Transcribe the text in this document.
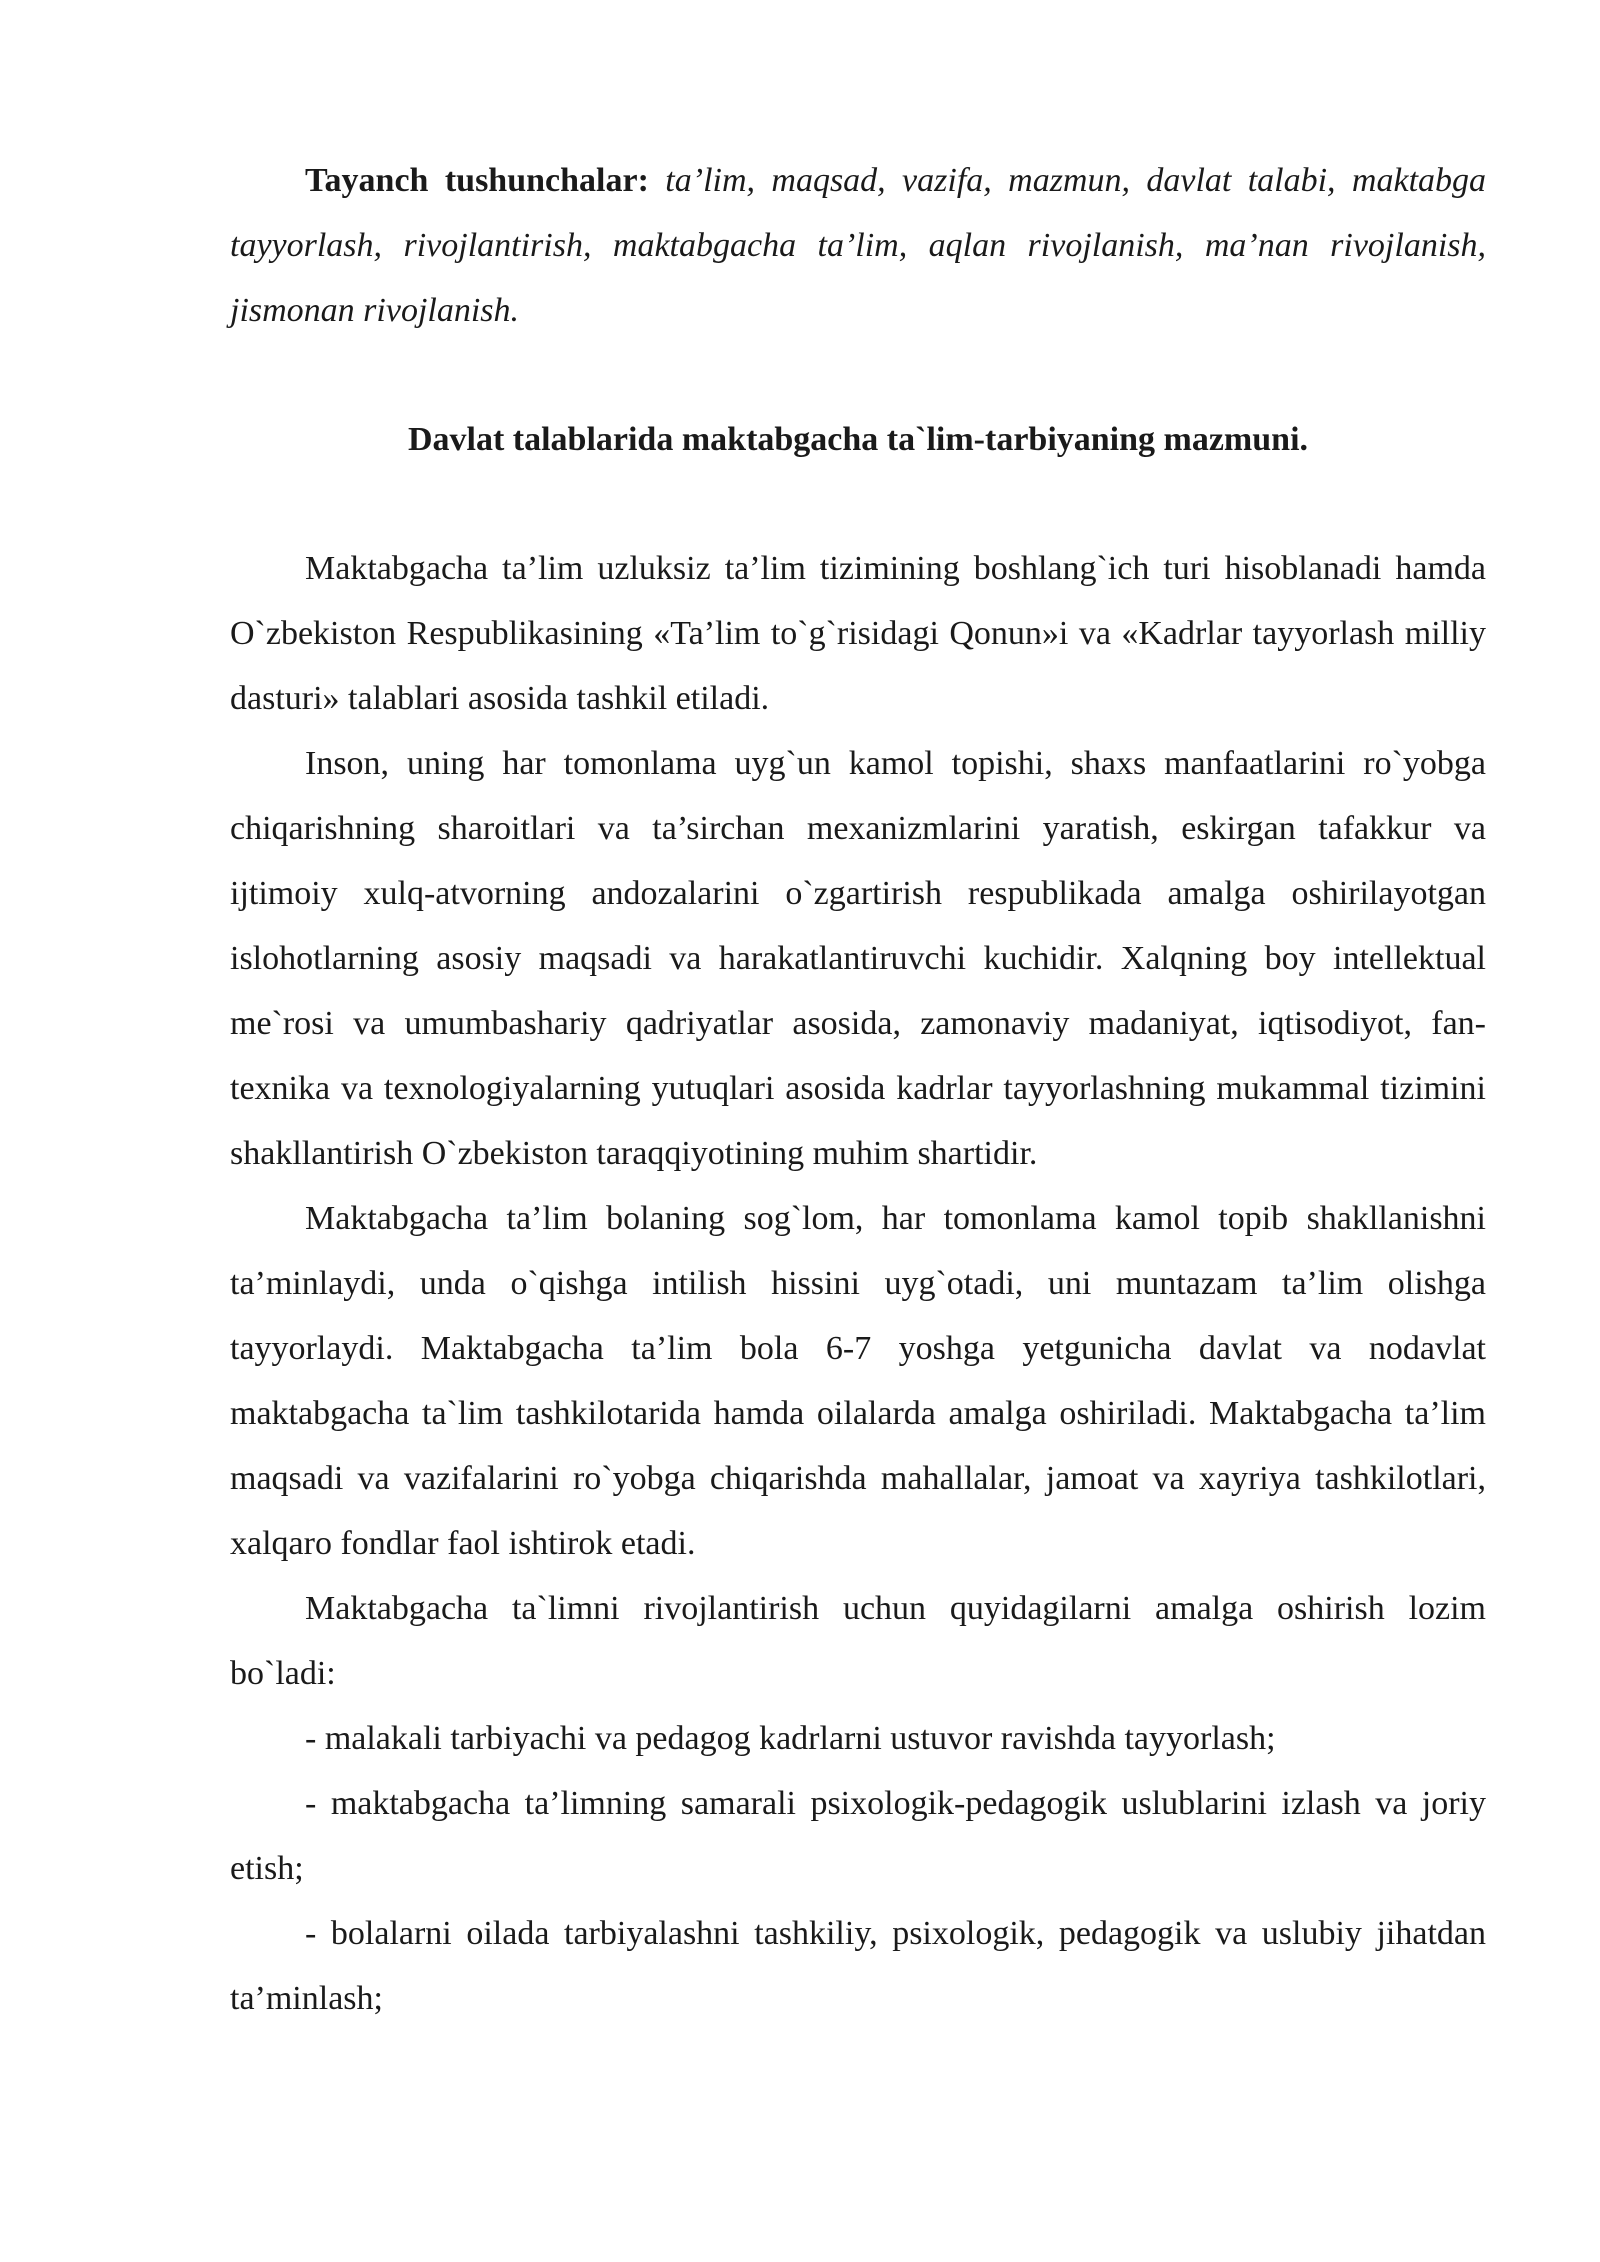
Tayanch tushunchalar: ta’lim, maqsad, vazifa, mazmun, davlat talabi, maktabga tayyorlash, rivojlantirish, maktabgacha ta’lim, aqlan rivojlanish, ma’nan rivojlanish, jismonan rivojlanish.

Davlat talablarida maktabgacha ta`lim-tarbiyaning mazmuni.

Maktabgacha ta’lim uzluksiz ta’lim tizimining boshlang`ich turi hisoblanadi hamda O`zbekiston Respublikasining «Ta’lim to`g`risidagi Qonun»i va «Kadrlar tayyorlash milliy dasturi» talablari asosida tashkil etiladi.

Inson, uning har tomonlama uyg`un kamol topishi, shaxs manfaatlarini ro`yobga chiqarishning sharoitlari va ta’sirchan mexanizmlarini yaratish, eskirgan tafakkur va ijtimoiy xulq-atvorning andozalarini o`zgartirish respublikada amalga oshirilayotgan islohotlarning asosiy maqsadi va harakatlantiruvchi kuchidir. Xalqning boy intellektual me`rosi va umumbashariy qadriyatlar asosida, zamonaviy madaniyat, iqtisodiyot, fan-texnika va texnologiyalarning yutuqlari asosida kadrlar tayyorlashning mukammal tizimini shakllantirish O`zbekiston taraqqiyotining muhim shartidir.

Maktabgacha ta’lim bolaning sog`lom, har tomonlama kamol topib shakllanishni ta’minlaydi, unda o`qishga intilish hissini uyg`otadi, uni muntazam ta’lim olishga tayyorlaydi. Maktabgacha ta’lim bola 6-7 yoshga yetgunicha davlat va nodavlat maktabgacha ta`lim tashkilotarida hamda oilalarda amalga oshiriladi. Maktabgacha ta’lim maqsadi va vazifalarini ro`yobga chiqarishda mahallalar, jamoat va xayriya tashkilotlari, xalqaro fondlar faol ishtirok etadi.

Maktabgacha ta`limni rivojlantirish uchun quyidagilarni amalga oshirish lozim bo`ladi:

- malakali tarbiyachi va pedagog kadrlarni ustuvor ravishda tayyorlash;

- maktabgacha ta’limning samarali psixologik-pedagogik uslublarini izlash va joriy etish;

- bolalarni oilada tarbiyalashni tashkiliy, psixologik, pedagogik va uslubiy jihatdan ta’minlash;
